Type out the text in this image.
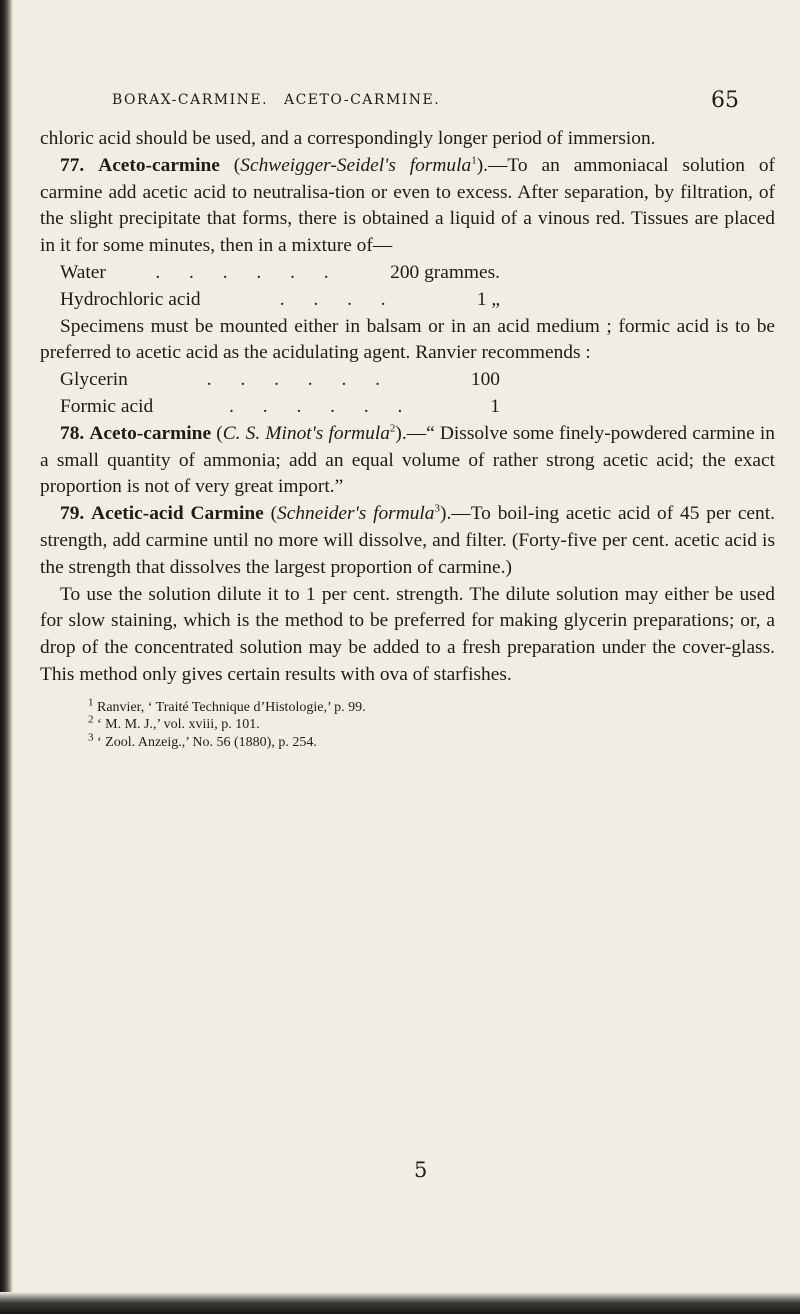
BORAX-CARMINE. ACETO-CARMINE.	65

chloric acid should be used, and a correspondingly longer period of immersion.

77. Aceto-carmine (Schweigger-Seidel's formula$^1$).—To an ammoniacal solution of carmine add acetic acid to neutralisa-tion or even to excess. After separation, by filtration, of the slight precipitate that forms, there is obtained a liquid of a vinous red. Tissues are placed in it for some minutes, then in a mixture of—

Water	. . . . . .	200 grammes.
Hydrochloric acid	. . . .	1 „

Specimens must be mounted either in balsam or in an acid medium ; formic acid is to be preferred to acetic acid as the acidulating agent. Ranvier recommends :

Glycerin	. . . . . .	100
Formic acid	. . . . . .	1

78. Aceto-carmine (C. S. Minot's formula$^2$).—“ Dissolve some finely-powdered carmine in a small quantity of ammonia; add an equal volume of rather strong acetic acid; the exact proportion is not of very great import.”

79. Acetic-acid Carmine (Schneider's formula$^3$).—To boil-ing acetic acid of 45 per cent. strength, add carmine until no more will dissolve, and filter. (Forty-five per cent. acetic acid is the strength that dissolves the largest proportion of carmine.)

To use the solution dilute it to 1 per cent. strength. The dilute solution may either be used for slow staining, which is the method to be preferred for making glycerin preparations; or, a drop of the concentrated solution may be added to a fresh preparation under the cover-glass. This method only gives certain results with ova of starfishes.

$^1$ Ranvier, ‘ Traité Technique d’Histologie,’ p. 99.

$^2$ ‘ M. M. J.,’ vol. xviii, p. 101.

$^3$ ‘ Zool. Anzeig.,’ No. 56 (1880), p. 254.

5
